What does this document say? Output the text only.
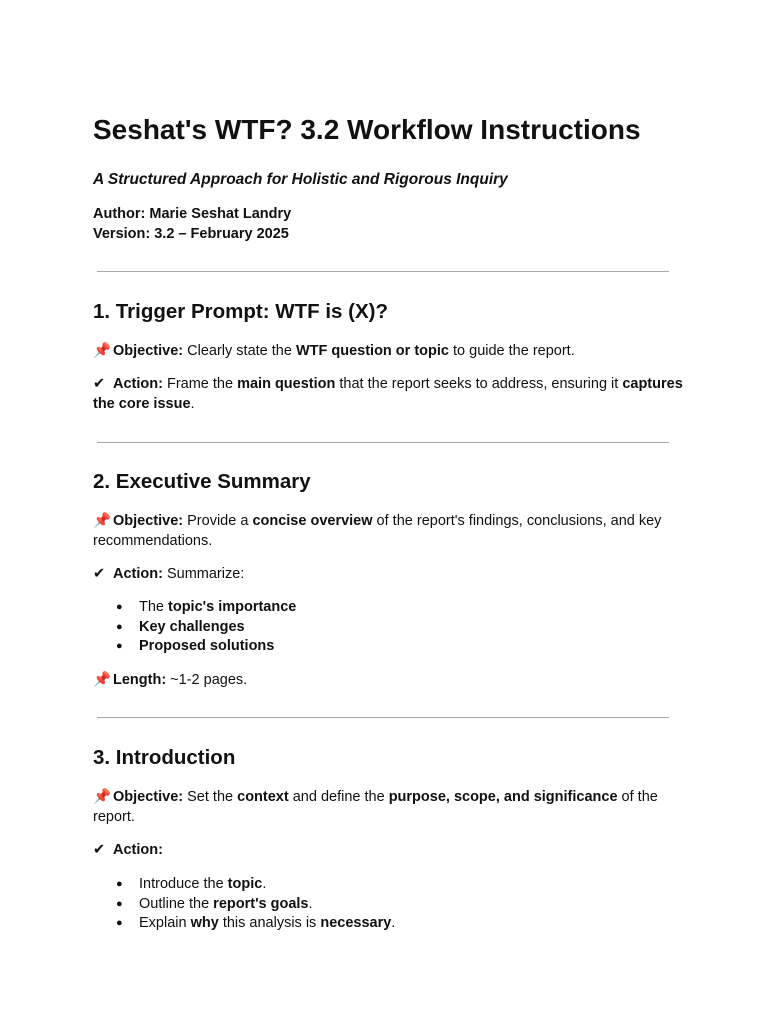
Seshat's WTF? 3.2 Workflow Instructions

A Structured Approach for Holistic and Rigorous Inquiry

Author: Marie Seshat Landry

Version: 3.2 – February 2025

1. Trigger Prompt: WTF is (X)?

📌 Objective: Clearly state the WTF question or topic to guide the report.

✔ Action: Frame the main question that the report seeks to address, ensuring it captures the core issue.

2. Executive Summary

📌 Objective: Provide a concise overview of the report's findings, conclusions, and key recommendations.

✔ Action: Summarize:

● The topic's importance
● Key challenges
● Proposed solutions

📌 Length: ~1-2 pages.

3. Introduction

📌 Objective: Set the context and define the purpose, scope, and significance of the report.

✔ Action:

● Introduce the topic.
● Outline the report's goals.
● Explain why this analysis is necessary.
